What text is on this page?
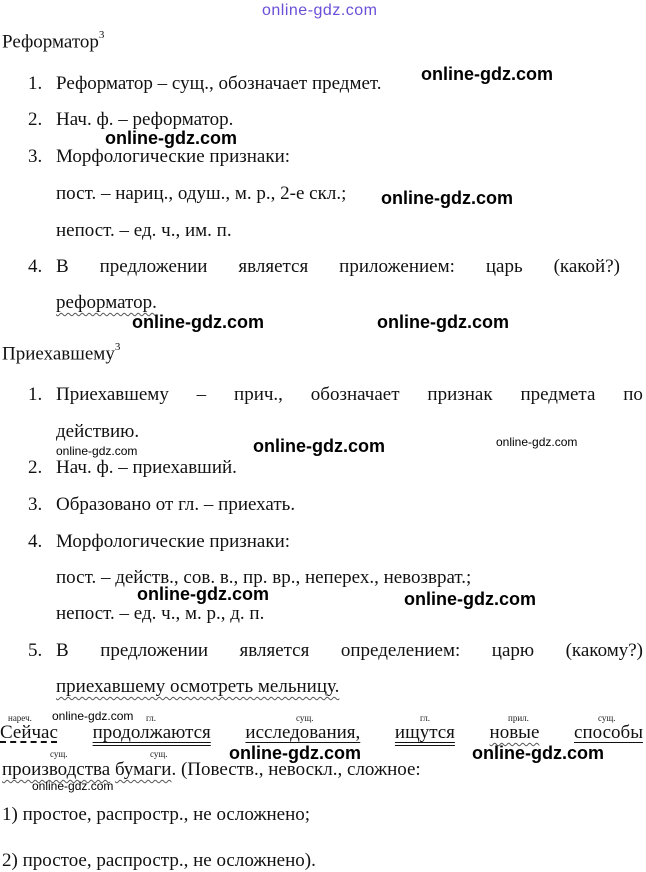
online-gdz.com
Реформатор$^3$
1. Реформатор – сущ., обозначает предмет.
2. Нач. ф. – реформатор.
3. Морфологические признаки:
пост. – нариц., одуш., м. р., 2-е скл.;
непост. – ед. ч., им. п.
4. В предложении является приложением: царь (какой?)
реформатор.
Приехавшему$^3$
1. Приехавшему – прич., обозначает признак предмета по
действию.
2. Нач. ф. – приехавший.
3. Образовано от гл. – приехать.
4. Морфологические признаки:
пост. – действ., сов. в., пр. вр., неперех., невозврат.;
непост. – ед. ч., м. р., д. п.
5. В предложении является определением: царю (какому?)
приехавшему осмотреть мельницу.
нареч.	гл.	сущ.	гл.	прил.	сущ.
Сейчас продолжаются исследования, ищутся новые способы
сущ.	сущ.
производства бумаги. (Повеств., невоскл., сложное:
1) простое, распростр., не осложнено;
2) простое, распростр., не осложнено).
online-gdz.com
online-gdz.com
online-gdz.com
online-gdz.com	online-gdz.com
online-gdz.com	online-gdz.com
online-gdz.com
online-gdz.com	online-gdz.com
online-gdz.com
online-gdz.com	online-gdz.com
online-gdz.com
